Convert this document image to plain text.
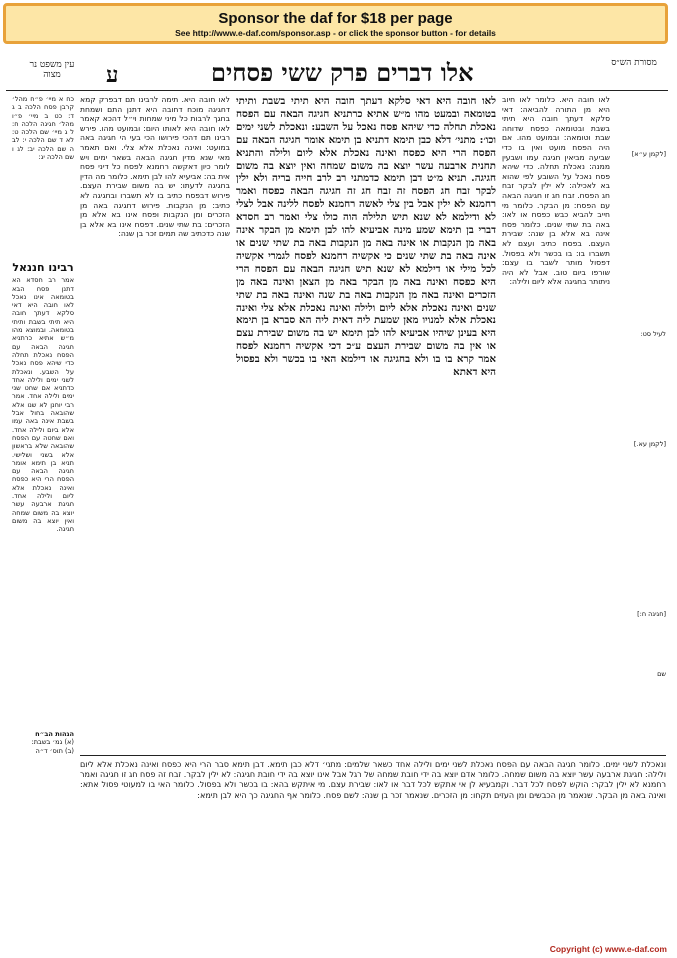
Sponsor the daf for $18 per page
See http://www.e-daf.com/sponsor.asp - or click the sponsor button - for details
עין משפט נר מצוה	ע	אלו דברים פרק ששי פסחים	מסורת הש״ס

כח א מיי׳ פ״ח מהל׳ קרבן פסח הלכה ב ג ד: כט ב מיי׳ פ״ו מהל׳ חגיגה הלכה ח: ל ג מיי׳ שם הלכה ט: לא ד שם הלכה י: לב ה שם הלכה יב: לג ו שם הלכה יג:

רבינו חננאל

אמר רב חסדא הא דתנן פסח הבא בטומאה אינו נאכל לאו חובה היא דאי סלקא דעתך חובה היא תיתי בשבת ותיתי בטומאה. ובמוצא מהו מ״ש אתיא כרתניא חגיגה הבאה עם הפסח נאכלת תחלה כדי שיהא פסח נאכל על השבע. ונאכלת לשני ימים ולילה אחד כדתניא אם שחט שני ימים ולילה אחד. אמר רבי יוחנן לא שנו אלא שהובאה בחול אבל בשבת אינה באה עמו אלא ביום ולילה אחד. ואם שחטה עם הפסח שהובאה שלא בראשון אלא בשני ושלישי. תניא בן תימא אומר חגיגה הבאה עם הפסח הרי היא כפסח ואינה נאכלת אלא ליום ולילה אחד. חגיגת ארבעה עשר יוצא בה משום שמחה ואין יוצא בה משום חגיגה.

לאו חובה היא. תימה לרבינו תם דבפרק קמא דחגיגה מוכח דחובה היא דתנן התם ושמחת בחגך לרבות כל מיני שמחות וי״ל דהכא קאמר לאו חובה היא לאותו היום: ובמועט מהו. פירש רבינו תם דהכי פירושו הכי בעי הי חגיגה באה במועט: ואינה נאכלת אלא צלי. ואם תאמר מאי שנא מדין חגיגה הבאה בשאר ימים ויש לומר כיון דאקשה רחמנא לפסח כל דיני פסח אית בה: אביעיא להו לבן תימא. כלומר מה הדין בחגיגה לדעתו: יש בה משום שבירת העצם. פירוש דבפסח כתיב בו לא תשברו ובחגיגה לא כתיב: מן הנקבות. פירוש דחגיגה באה מן הזכרים ומן הנקבות ופסח אינו בא אלא מן הזכרים: בת שתי שנים. דפסח אינו בא אלא בן שנה כדכתיב שה תמים זכר בן שנה:

לאו חובה היא דאי סלקא דעתך חובה היא תיתי בשבת ותיתי בטומאה ובמעט מהו מ״ש אתיא כרתניא חגיגה הבאה עם הפסח נאכלת תחלה כדי שיהא פסח נאכל על השבע: ונאכלת לשני ימים וכו׳: מתני׳ דלא כבן תימא דתניא בן תימא אומר חגיגה הבאה עם הפסח הרי היא כפסח ואינה נאכלת אלא ליום ולילה והתניא תחנית ארבעה עשר יוצא בה משום שמחה ואין יוצא בה משום חגיגה. תניא מ״ט דבן תימא כדמתני רב לרב חייה בריה ולא ילין לבקר זבח חג הפסח זה זבח חג זה חגיגה הבאה כפסח ואמר רחמנא לא ילין אבל בין צלי לאשה רחמנא לפסח ללינה אבל לצלי לא ודילמא לא שנא תיש תלילה הוה כולו צלי ואמר רב חסדא דברי בן תימא שמע מינה אביעיא להו לבן תימא מן הבקר אינה באה מן הנקבות או אינה באה מן הנקבות באה בת שתי שנים או אינה באה בת שתי שנים כי אקשיה רחמנא לפסח לגמרי אקשיה לכל מילי או דילמא לא שנא תיש חגיגה הבאה עם הפסח הרי היא כפסח ואינה באה מן הבקר באה מן הצאן ואינה באה מן הזכרים ואינה באה מן הנקבות באה בת שנה ואינה באה בת שתי שנים ואינה נאכלת אלא ליום ולילה ואינה נאכלת אלא צלי ואינה נאכלת אלא למנויו מאן שמעת ליה דאית ליה הא סברא בן תימא היא בעינן שיהיו אביעיא להו לבן תימא יש בה משום שבירת עצם או אין בה משום שבירת העצם ע״כ דכי אקשיה רחמנא לפסח אמר קרא בו בו ולא בחגיגה או דילמא האי בו בכשר ולא בפסול היא דאתא

לאו חובה היא. כלומר לאו חיוב היא מן התורה להביאה: דאי סלקא דעתך חובה היא תיתי בשבת ובטומאה כפסח שדוחה שבת וטומאה: ובמועט מהו. אם היה הפסח מועט ואין בו כדי שביעה מביאין חגיגה עמו ושבעין ממנה: נאכלת תחלה. כדי שיהא פסח נאכל על השובע לפי שהוא בא לאכילה: לא ילין לבקר זבח חג הפסח. זבח חג זו חגיגה הבאה עם הפסח: מן הבקר. כלומר מי חייב להביא כבש כפסח או לאו: באה בת שתי שנים. כלומר פסח אינה בא אלא בן שנה: שבירת העצם. בפסח כתיב ועצם לא תשברו בו: בו בכשר ולא בפסול. דפסול מותר לשבר בו עצם: שורפו ביום טוב. אבל לא היה ניתותר בחגיגה אלא ליום ולילה:

[לקמן ע״א]
לעיל סט:
[לקמן עא.]
[חגיגה ח:]
שם

הגהות הב״ח

(א) גמ׳ בשבת:

(ב) תוס׳ ד״ה

ונאכלת לשני ימים. כלומר חגיגה הבאה עם הפסח נאכלת לשני ימים ולילה אחד כשאר שלמים: מתני׳ דלא כבן תימא. דבן תימא סבר הרי היא כפסח ואינה נאכלת אלא ליום ולילה: חגיגת ארבעה עשר יוצא בה משום שמחה. כלומר אדם יוצא בה ידי חובת שמחה של רגל אבל אינו יוצא בה ידי חובת חגיגה: לא ילין לבקר. זבח זה פסח חג זו חגיגה ואמר רחמנא לא ילין לבקר: הוקש לפסח לכל דבר. וקמבעיא לן אי אתקש לכל דבר או לאו: שבירת עצם. מי איתקש בהא: בו בכשר ולא בפסול. כלומר האי בו למעוטי פסול אתא: ואינה באה מן הבקר. שנאמר מן הכבשים ומן העזים תקחו: מן הזכרים. שנאמר זכר בן שנה: לשם פסח. כלומר אף החגיגה כך היא לבן תימא:

Copyright (c) www.e-daf.com
